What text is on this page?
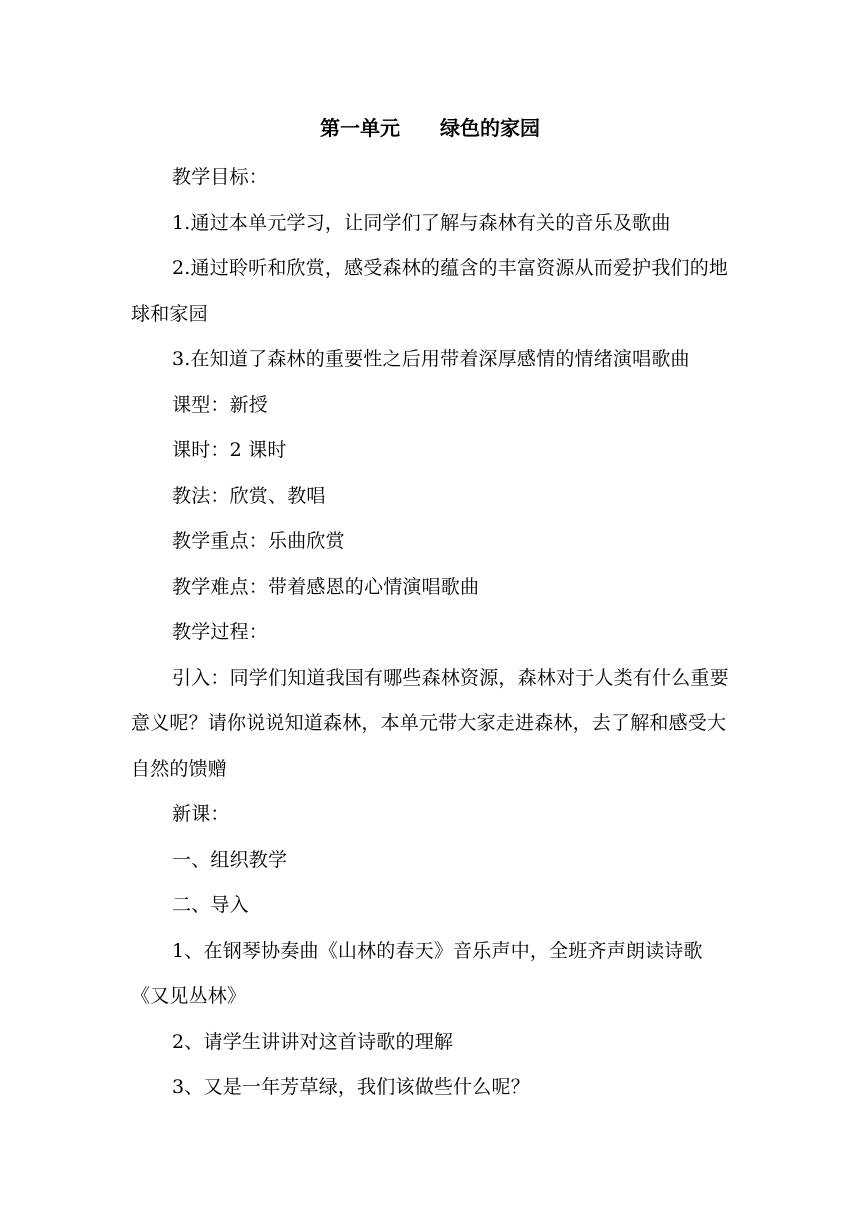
第一单元　　绿色的家园

教学目标：

1.通过本单元学习，让同学们了解与森林有关的音乐及歌曲

2.通过聆听和欣赏，感受森林的蕴含的丰富资源从而爱护我们的地球和家园

3.在知道了森林的重要性之后用带着深厚感情的情绪演唱歌曲

课型：新授

课时：2 课时

教法：欣赏、教唱

教学重点：乐曲欣赏

教学难点：带着感恩的心情演唱歌曲

教学过程：

引入：同学们知道我国有哪些森林资源，森林对于人类有什么重要意义呢？请你说说知道森林，本单元带大家走进森林，去了解和感受大自然的馈赠

新课：

一、组织教学

二、导入

1、在钢琴协奏曲《山林的春天》音乐声中，全班齐声朗读诗歌《又见丛林》

2、请学生讲讲对这首诗歌的理解

3、又是一年芳草绿，我们该做些什么呢？
